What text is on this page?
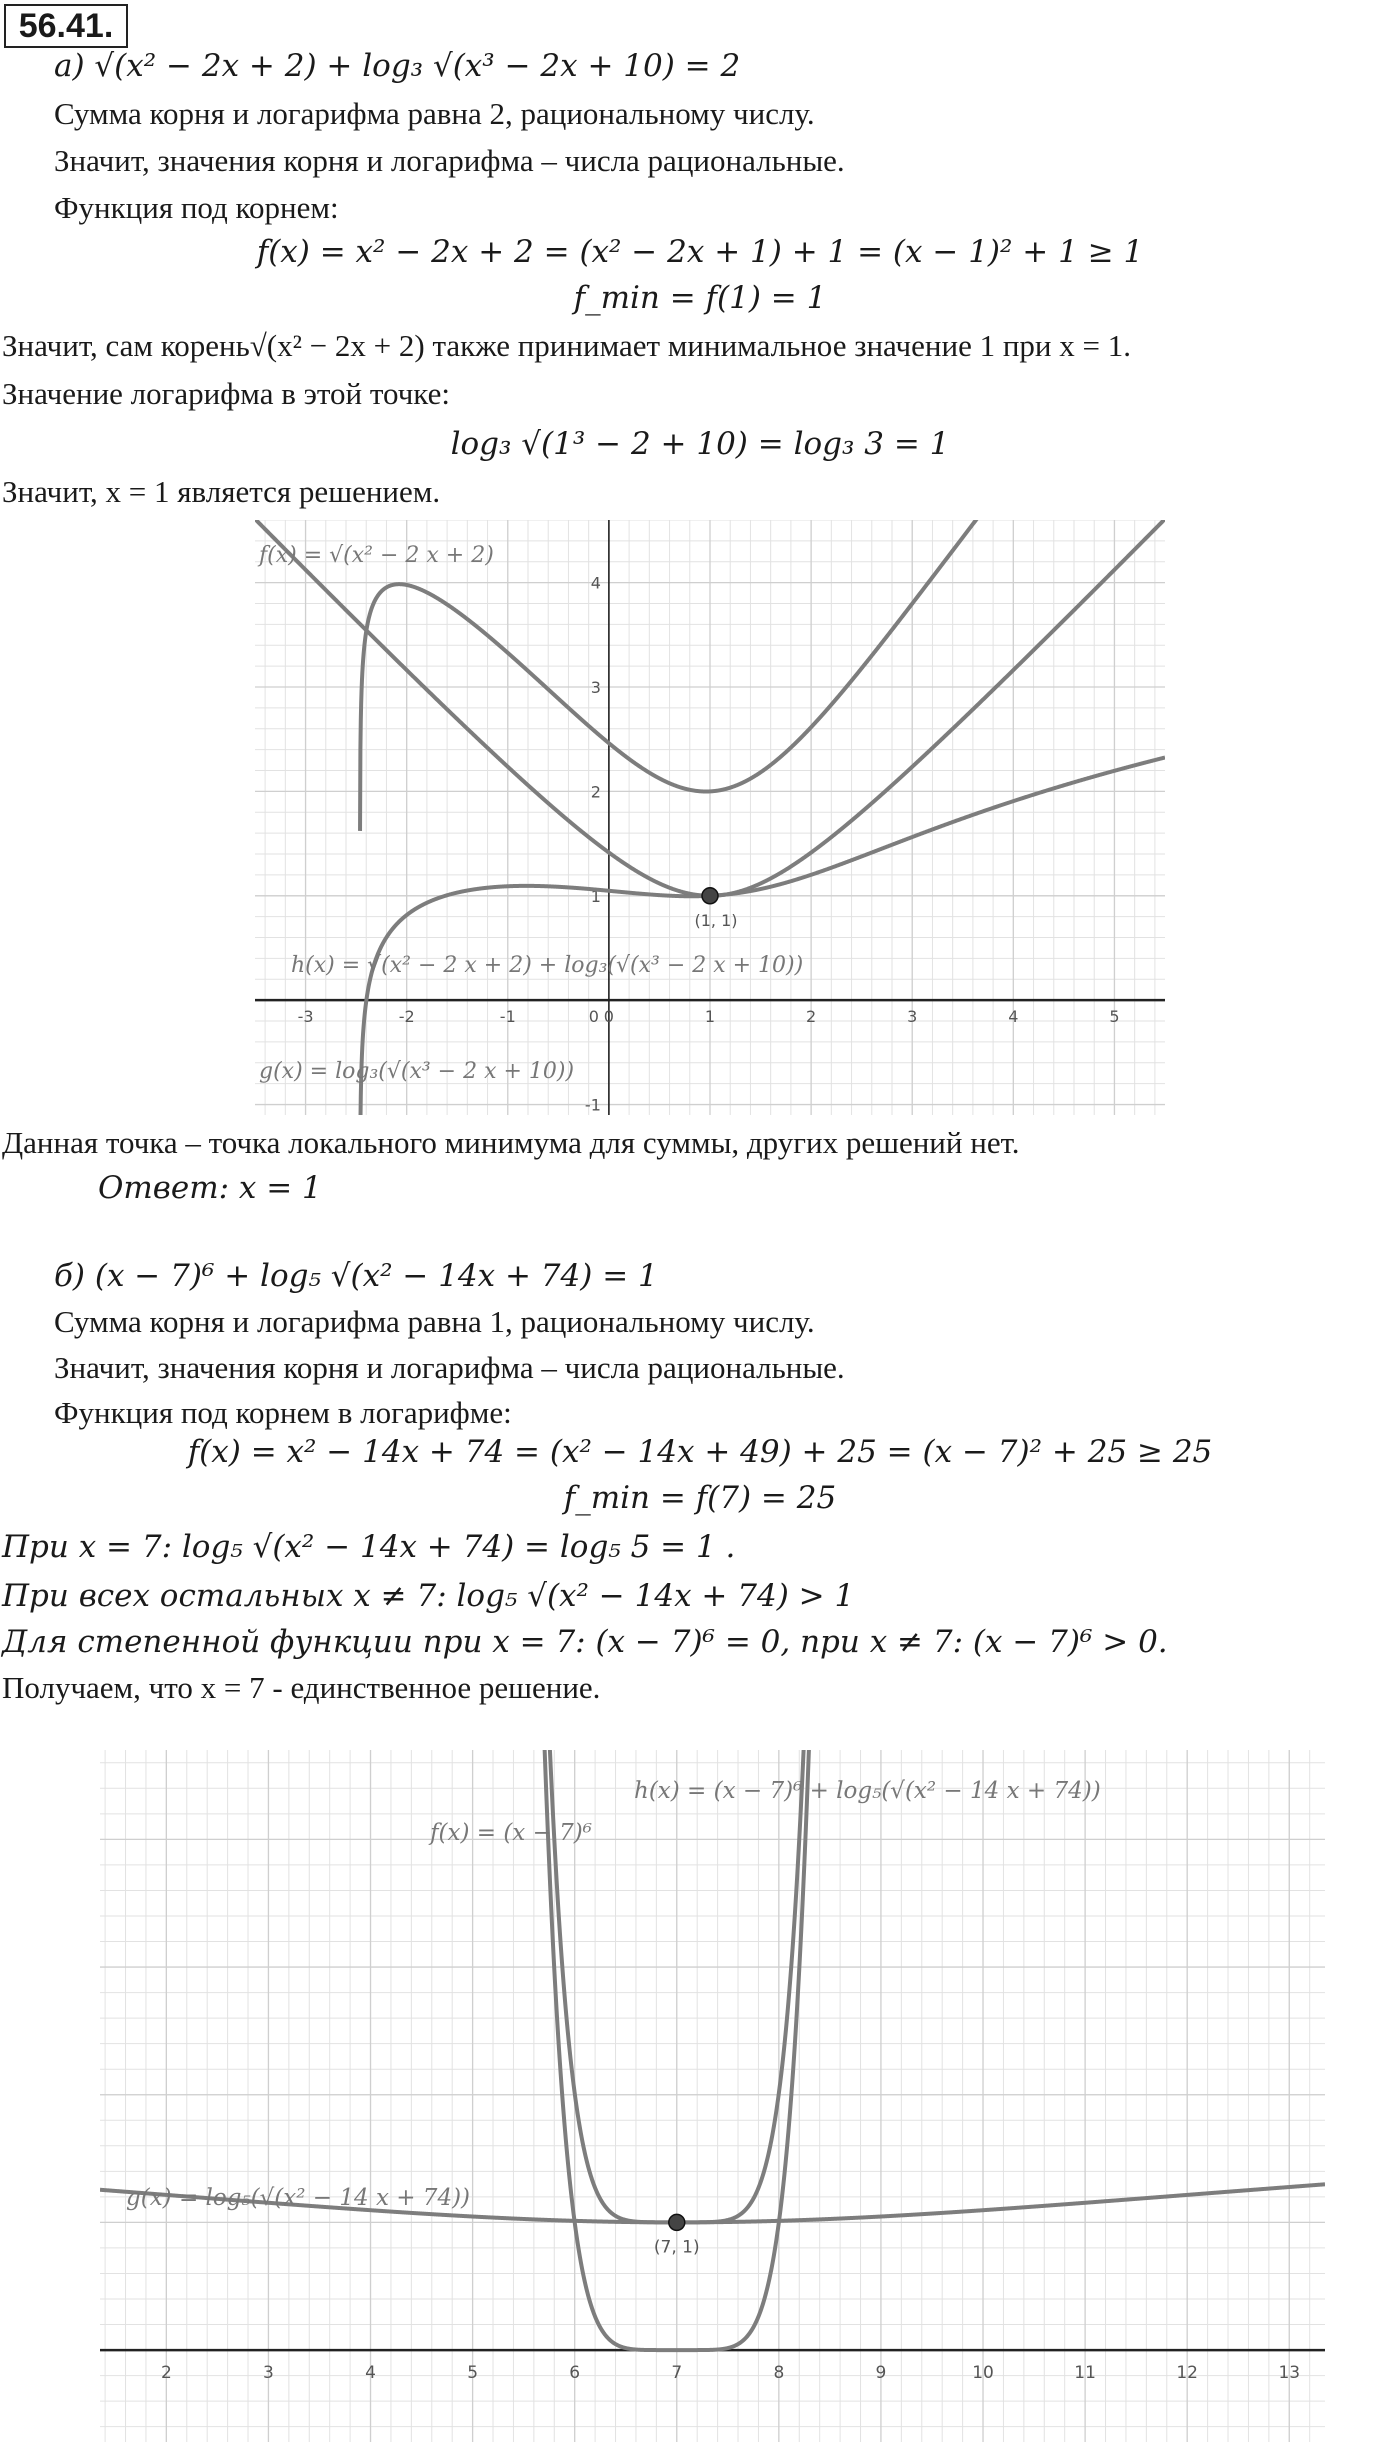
56.41.
а) √(x² − 2x + 2) + log₃ √(x³ − 2x + 10) = 2
Сумма корня и логарифма равна 2, рациональному числу.
Значит, значения корня и логарифма – числа рациональные.
Функция под корнем:
f(x) = x² − 2x + 2 = (x² − 2x + 1) + 1 = (x − 1)² + 1 ≥ 1
f_min = f(1) = 1
Значит, сам корень√(x² − 2x + 2) также принимает минимальное значение 1 при x = 1.
Значение логарифма в этой точке:
log₃ √(1³ − 2 + 10) = log₃ 3 = 1
Значит, x = 1 является решением.
-3	-2	-1	0	1	2	3	4	5
-1
1
2
3
4
0
f(x) = √(x² − 2 x + 2)
h(x) = √(x² − 2 x + 2) + log₃(√(x³ − 2 x + 10))
g(x) = log₃(√(x³ − 2 x + 10))
(1, 1)
Данная точка – точка локального минимума для суммы, других решений нет.
Ответ: x = 1
б) (x − 7)⁶ + log₅ √(x² − 14x + 74) = 1
Сумма корня и логарифма равна 1, рациональному числу.
Значит, значения корня и логарифма – числа рациональные.
Функция под корнем в логарифме:
f(x) = x² − 14x + 74 = (x² − 14x + 49) + 25 = (x − 7)² + 25 ≥ 25
f_min = f(7) = 25
При x = 7: log₅ √(x² − 14x + 74) = log₅ 5 = 1 .
При всех остальных x ≠ 7: log₅ √(x² − 14x + 74) > 1
Для степенной функции при x = 7: (x − 7)⁶ = 0, при x ≠ 7: (x − 7)⁶ > 0.
Получаем, что x = 7 - единственное решение.
2	3	4	5	6	7	8	9	10	11	12	13
h(x) = (x − 7)⁶ + log₅(√(x² − 14 x + 74))
f(x) = (x − 7)⁶
g(x) = log₅(√(x² − 14 x + 74))
(7, 1)
